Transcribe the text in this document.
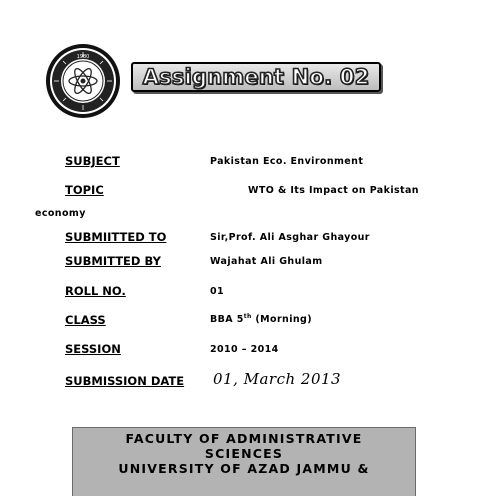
1980
Assignment No. 02
SUBJECT	Pakistan Eco. Environment
TOPIC	WTO & Its Impact on Pakistan
economy
SUBMIITTED TO	Sir,Prof. Ali Asghar Ghayour
SUBMITTED BY	Wajahat Ali Ghulam
ROLL NO.	01
CLASS	BBA 5th (Morning)
SESSION	2010 – 2014
SUBMISSION DATE 01, March 2013
FACULTY OF ADMINISTRATIVE
SCIENCES
UNIVERSITY OF AZAD JAMMU &
